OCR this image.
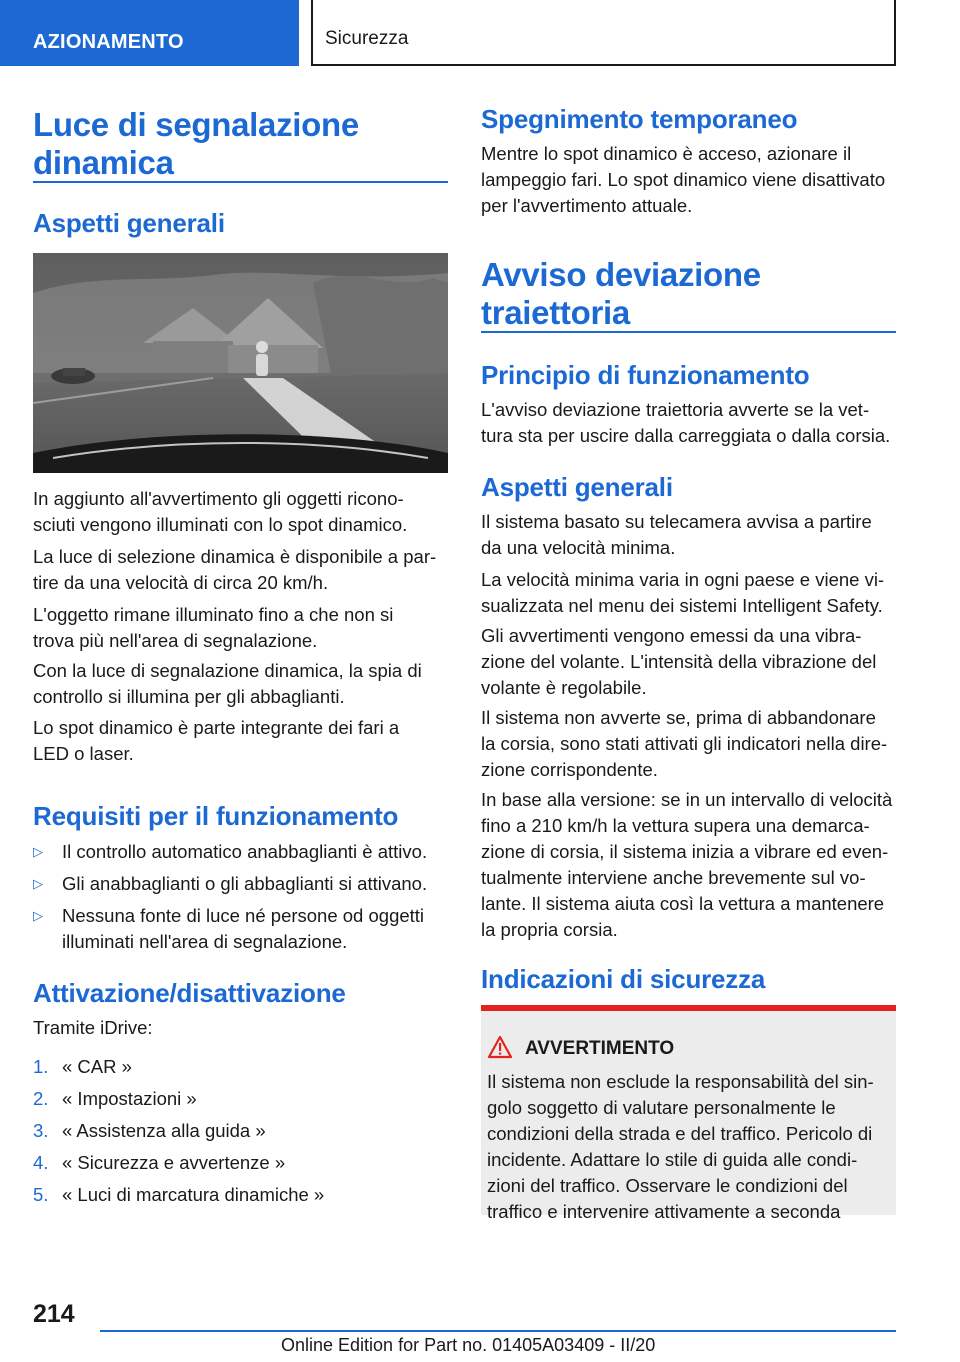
AZIONAMENTO	Sicurezza
Luce di segnalazione
dinamica
Aspetti generali
In aggiunto all'avvertimento gli oggetti ricono-
sciuti vengono illuminati con lo spot dinamico.
La luce di selezione dinamica è disponibile a par-
tire da una velocità di circa 20 km/h.
L'oggetto rimane illuminato fino a che non si
trova più nell'area di segnalazione.
Con la luce di segnalazione dinamica, la spia di
controllo si illumina per gli abbaglianti.
Lo spot dinamico è parte integrante dei fari a
LED o laser.
Requisiti per il funzionamento
▷ Il controllo automatico anabbaglianti è attivo.
▷ Gli anabbaglianti o gli abbaglianti si attivano.
▷ Nessuna fonte di luce né persone od oggetti
illuminati nell'area di segnalazione.
Attivazione/disattivazione
Tramite iDrive:
1. « CAR »
2. « Impostazioni »
3. « Assistenza alla guida »
4. « Sicurezza e avvertenze »
5. « Luci di marcatura dinamiche »
Spegnimento temporaneo
Mentre lo spot dinamico è acceso, azionare il
lampeggio fari. Lo spot dinamico viene disattivato
per l'avvertimento attuale.
Avviso deviazione
traiettoria
Principio di funzionamento
L'avviso deviazione traiettoria avverte se la vet-
tura sta per uscire dalla carreggiata o dalla corsia.
Aspetti generali
Il sistema basato su telecamera avvisa a partire
da una velocità minima.
La velocità minima varia in ogni paese e viene vi-
sualizzata nel menu dei sistemi Intelligent Safety.
Gli avvertimenti vengono emessi da una vibra-
zione del volante. L'intensità della vibrazione del
volante è regolabile.
Il sistema non avverte se, prima di abbandonare
la corsia, sono stati attivati gli indicatori nella dire-
zione corrispondente.
In base alla versione: se in un intervallo di velocità
fino a 210 km/h la vettura supera una demarca-
zione di corsia, il sistema inizia a vibrare ed even-
tualmente interviene anche brevemente sul vo-
lante. Il sistema aiuta così la vettura a mantenere
la propria corsia.
Indicazioni di sicurezza
AVVERTIMENTO
Il sistema non esclude la responsabilità del sin-
golo soggetto di valutare personalmente le
condizioni della strada e del traffico. Pericolo di
incidente. Adattare lo stile di guida alle condi-
zioni del traffico. Osservare le condizioni del
traffico e intervenire attivamente a seconda
214
Online Edition for Part no. 01405A03409 - II/20
